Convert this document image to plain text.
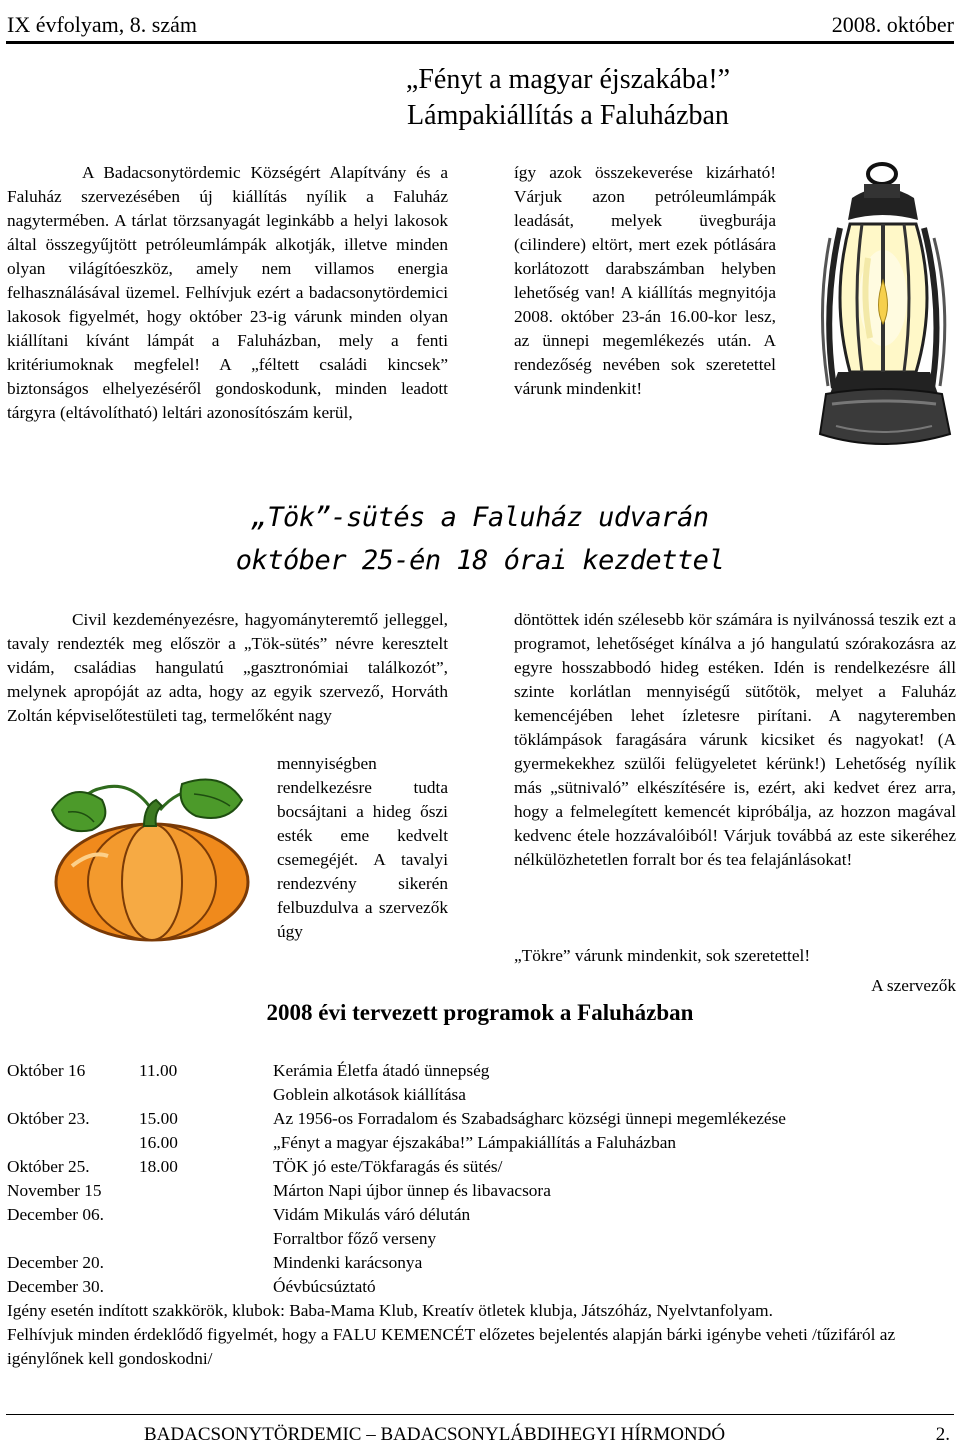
IX évfolyam, 8. szám	2008. október
„Fényt a magyar éjszakába!”
Lámpakiállítás a Faluházban
A Badacsonytördemic Községért Alapítvány és a Faluház szervezésében új kiállítás nyílik a Faluház nagytermében. A tárlat törzsanyagát leginkább a helyi lakosok által összegyűjtött petróleumlámpák alkotják, illetve minden olyan világítóeszköz, amely nem villamos energia felhasználásával üzemel. Felhívjuk ezért a badacsonytördemici lakosok figyelmét, hogy október 23-ig várunk minden olyan kiállítani kívánt lámpát a Faluházban, mely a fenti kritériumoknak megfelel! A „féltett családi kincsek” biztonságos elhelyezéséről gondoskodunk, minden leadott tárgyra (eltávolítható) leltári azonosítószám kerül,
így azok összekeverése kizárható! Várjuk azon petróleumlámpák leadását, melyek üvegburája (cilindere) eltört, mert ezek pótlására korlátozott darabszámban helyben lehetőség van! A kiállítás megnyitója 2008. október 23-án 16.00-kor lesz, az ünnepi megemlékezés után. A rendezőség nevében sok szeretettel várunk mindenkit!
„Tök”-sütés a Faluház udvarán
október 25-én 18 órai kezdettel
Civil kezdeményezésre, hagyományteremtő jelleggel, tavaly rendezték meg először a „Tök-sütés” névre keresztelt vidám, családias hangulatú „gasztronómiai találkozót”, melynek apropóját az adta, hogy az egyik szervező, Horváth Zoltán képviselőtestületi tag, termelőként nagy
mennyiségben rendelkezésre tudta bocsájtani a hideg őszi esték eme kedvelt csemegéjét. A tavalyi rendezvény sikerén felbuzdulva a szervezők úgy
döntöttek idén szélesebb kör számára is nyilvánossá teszik ezt a programot, lehetőséget kínálva a jó hangulatú szórakozásra az egyre hosszabbodó hideg estéken. Idén is rendelkezésre áll szinte korlátlan mennyiségű sütőtök, melyet a Faluház kemencéjében lehet ízletesre pirítani. A nagyteremben töklámpások faragására várunk kicsiket és nagyokat! (A gyermekekhez szülői felügyeletet kérünk!) Lehetőség nyílik más „sütnivaló” elkészítésére is, ezért, aki kedvet érez arra, hogy a felmelegített kemencét kipróbálja, az hozzon magával kedvenc étele hozzávalóiból! Várjuk továbbá az este sikeréhez nélkülözhetetlen forralt bor és tea felajánlásokat!
„Tökre” várunk mindenkit, sok szeretettel!
A szervezők
2008 évi tervezett programok a Faluházban
Október 16	11.00	Kerámia Életfa átadó ünnepség
Goblein alkotások kiállítása
Október 23.	15.00	Az 1956-os Forradalom és Szabadságharc községi ünnepi megemlékezése
16.00	„Fényt a magyar éjszakába!” Lámpakiállítás a Faluházban
Október 25.	18.00	TÖK jó este/Tökfaragás és sütés/
November 15	Márton Napi újbor ünnep és libavacsora
December 06.	Vidám Mikulás váró délután
Forraltbor főző verseny
December 20.	Mindenki karácsonya
December 30.	Óévbúcsúztató
Igény esetén indított szakkörök, klubok: Baba-Mama Klub, Kreatív ötletek klubja, Játszóház, Nyelvtanfolyam.
Felhívjuk minden érdeklődő figyelmét, hogy a FALU KEMENCÉT előzetes bejelentés alapján bárki igénybe veheti /tűzifáról az igénylőnek kell gondoskodni/
BADACSONYTÖRDEMIC – BADACSONYLÁBDIHEGYI HÍRMONDÓ	2.
